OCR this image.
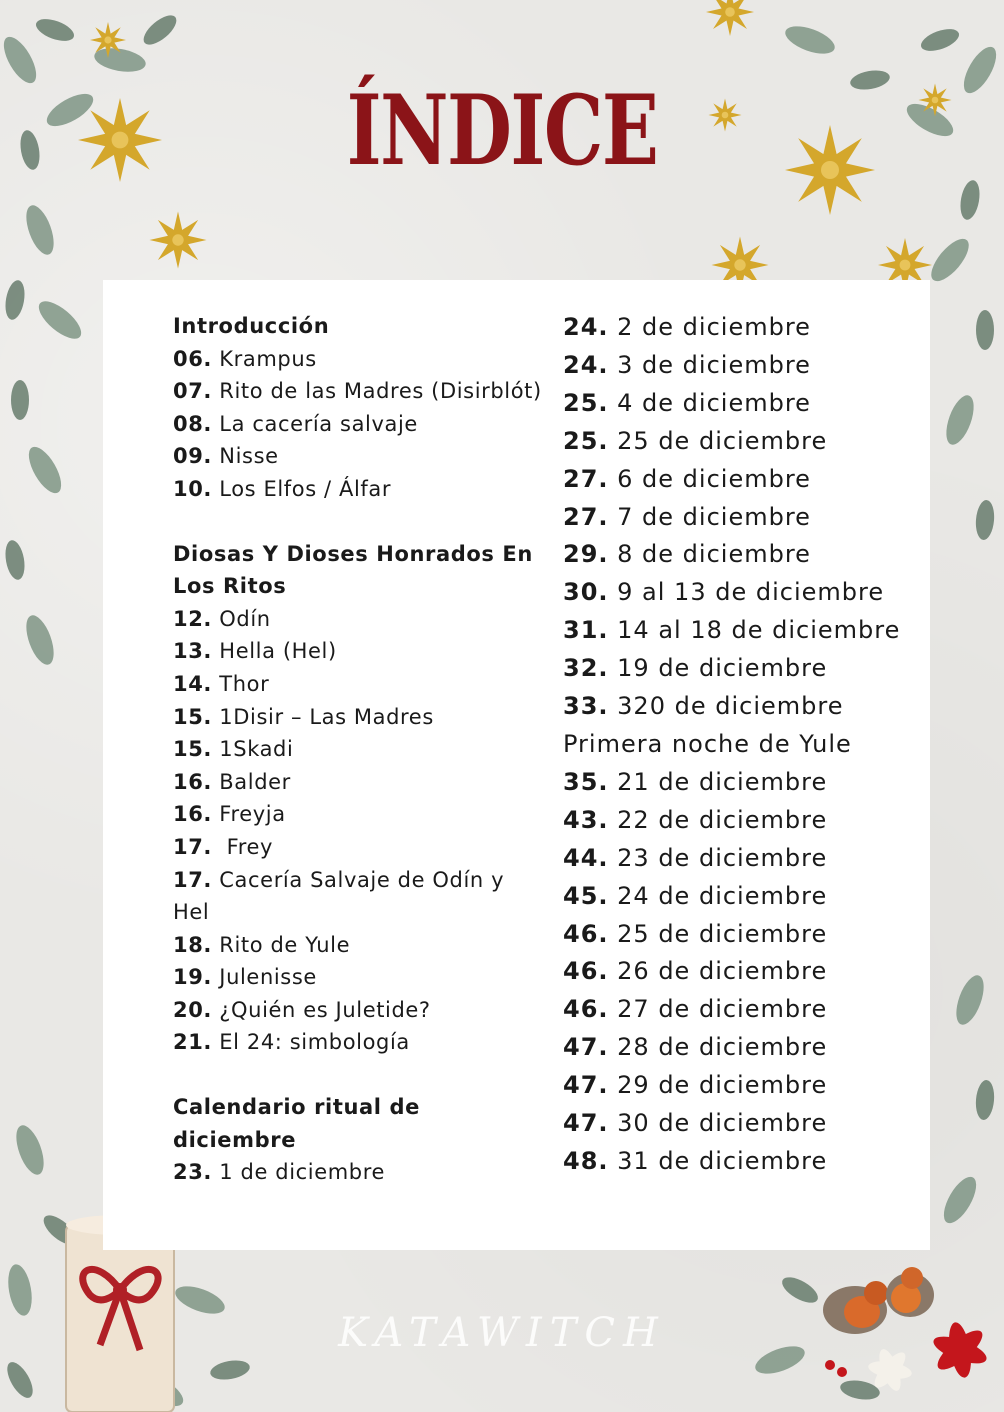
ÍNDICE
Introducción
06. Krampus
07. Rito de las Madres (Disirblót)
08. La cacería salvaje
09. Nisse
10. Los Elfos / Álfar
Diosas Y Dioses Honrados En Los Ritos
12. Odín
13. Hella (Hel)
14. Thor
15. 1Disir – Las Madres
15. 1Skadi
16. Balder
16. Freyja
17. Frey
17. Cacería Salvaje de Odín y Hel
18. Rito de Yule
19. Julenisse
20. ¿Quién es Juletide?
21. El 24: simbología
Calendario ritual de diciembre
23. 1 de diciembre
24. 2 de diciembre
24. 3 de diciembre
25. 4 de diciembre
25. 25 de diciembre
27. 6 de diciembre
27. 7 de diciembre
29. 8 de diciembre
30. 9 al 13 de diciembre
31. 14 al 18 de diciembre
32. 19 de diciembre
33. 320 de diciembre
Primera noche de Yule
35. 21 de diciembre
43. 22 de diciembre
44. 23 de diciembre
45. 24 de diciembre
46. 25 de diciembre
46. 26 de diciembre
46. 27 de diciembre
47. 28 de diciembre
47. 29 de diciembre
47. 30 de diciembre
48. 31 de diciembre
KATAWITCH
